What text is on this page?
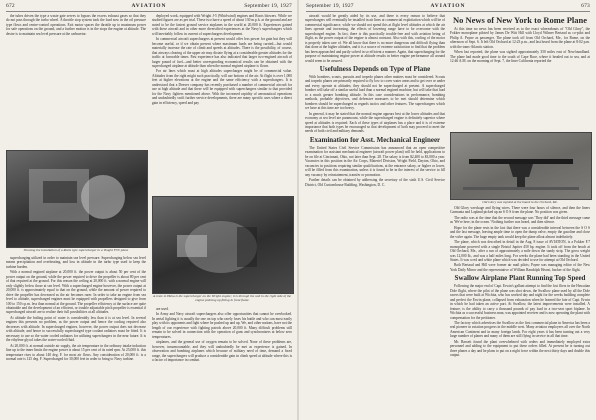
672	AVIATION	September 19, 1927

the tubes driven the type a waste gate serves to bypass the excess exhaust gases so that they do not pass through the turbo wheel. A throttle stop system took the load now in the oil pressure type flows and centre-control operations. Exit motor spaces the throttle up to maximum power for safe operations on the ground, and a further motion is in the stops the engine at altitude. The desire is to maintain sea level pressure at the carburetor.

Showing the installation of a Roots type supercharger in a Vought F3U plane

supercharging utilized in order to maintain sea level pressure. Supercharging below sea level means precipitation and overheating, and loss in altitude in the turbo type used to keep the turbine burden.

With a normal engined airplane at 20,000 ft. the power output is about 50 per cent of the power output on the ground, while the power required to drive the propeller is about 80 per cent of that required at the ground. For this reason the ceiling at 20,000 ft. with a normal engine will only slightly below those at sea level. With a supercharged engine however, the power output at 20,000 ft. is approximately equal to that on the ground, while the amount of power required to drive the propeller has decreased as the air becomes rarer. In order to take an engine from sea level to altitude, supercharged engines must be equipped with propellers designed to give from 100 to 150 r.p.m. less than normal at the ground. The propeller efficiency at the surface are quite obtainable and the development of an efficient, or trouble adjustable pitch propeller is essential if supercharged aircraft are to realize their full possibilities at all altitudes.

At altitude the boiling point of water is considerably less than it is at sea level. In several engines this presents no problem, as the power output and hence the cooling required also decreases with altitude. In supercharged engines, however, the power output does not decrease with altitude, and hence to successfully supercharged type coolant radiators must be fitted. It is necessary to use so the water cooled radiators for utilizing superchargers in the near future. It is the ethylene glycol takes the water-cooled fluid.

At 20,000 ft. at normal outside air supply, the air temperature in the ordinary intake induction line up to the inner limits the engine power is about 15 per cent of its rated rpm. At 25,000 ft. this temperature rises to about 140 deg. F. for most air flows. Any consideration of 20,000 ft. is a normal rate is 125 deg. F. Supercharged for 30,000 feet in order to bring to Navy turbine.

deployed work, equipped with Wright J-5 (Whirlwind) engines and Roots blowers. While we studied figures are as per trial. These two have a speed of about 130 m.p.h. at the ground and are noted to be the fastest ground service airplanes in the world at 20,000 ft. Experiences gained with these aircraft and in other more diversified experiences at the Navy's superchargers which will inevitably follow in current of superchargers development.

In commercial aircraft superchargers at present would offer less power for gain but they will become useful, or if we obtain present where maximum loads are being carried—but would materially increase the rate of climb and speeds at altitudes. There is the possibility, of course, that airways clearing of the upper air may dictate flying at a considerable greater altitudes for the traffic at favorable times. Past experience has also indicated that larger two-engined aircraft of larger pound of fuel—and better corresponding economical results can be obtained with the supercharged airplane at altitude than when the normal engined airplane is flown.

For air lines which must at high altitudes supercharger might be of commercial value. Altitudes from the right might such practically, will use bottom of the air. At flight is over 1,000 feet at higher elevations at the engine and the same efficiency with a superchargers. It is understood that a Denver company has recently purchased a number of commercial aircraft for use at high altitude and that these will be equipped with superchargers similar to that provided for the Navy fighters mentioned above. With the increased rapidity of aeronautical operations and undoubtedly swift further service developments, there are many specific uses where a direct gain in efficiency, speed and pay

A crate in Haha is the supercharger on the Wright engine; it is through the unit in the right side of the engine pointing up fitting in front flame

are used.

In Army and Navy aircraft superchargers also offer opportunities that cannot be overlooked. In aerial fighting it is usually the one on top who rarely loses his battle and who can most easily play with its opponents and fight where he pushed up and up. We, and other nations, have not the length of our experience with fighting patrols above 20,000 ft. Many difficult problems still remain to be solved in connection with the operation of guns and synchronizers at below zero temperatures.

airplanes, and the general use of oxygen remain to be solved. None of these problems are, however, insurmountable, and they will undoubtedly be met as experience is gained. In observation and bombing airplanes which because of military need of time, demand a fixed range, the superchargers will produce a considerable gain in climb speed at altitude where this is a factor of importance in combat.

September 19, 1927	AVIATION	673

aircraft would be greatly aided by its use, and there is every reason to believe that superchargers will eventually be installed in air lines at commercial exploitation which will be of commercial significance, while we should not spend this at flight level altitudes at which the air lines operate and increasing, the effects of lowering range have to be overcome with the supercharged engine. In fact, there is this practically trouble-free and with aviation being of flight, as the power output of the engine is almost constant. Also with this, cooling of the motor is properly taken care of. We all know that there is no more dangerous and difficult flying than that done at the higher altitudes, and it is a source of extreme satisfaction to find that the problem has been approached and partly solved in so efficient a manner. Again, that supercharging for the purpose of maintaining engine power at altitude results in better engine performance all around would seem to be assured.

Usefulness Depends on Type of Plane

With bombers, scouts, pursuits and torpedo planes other matters must be considered. Scouts and torpedo planes are primarily required to fly low to cover water areas and to get over or under and every operate at altitudes; they should not be supercharged at present. A supercharged bomber will take off a similar useful load than a normal engined machine, but will take that load to a much greater bombing altitude. In this case considerations in performance, bombing methods, probable objectives, and defensive measures to be met should determine which bombers should be supercharged as regards tactics and other features. The superchargers which we have at this time are too heavy.

In general, it may be stated that the normal engine appears best at the lower altitudes and that economy at sea level are paramount, while the supercharged engine is definitely superior where speed at altitudes is required. Each of these types of airplanes has a place and it is of extreme importance that both types be encouraged so that development of both may proceed to meet the needs of both civil and military demands.

Examination for Asst. Mechanical Engineer

The United States Civil Service Commission has announced that an open competitive examination for assistant mechanical engineer (aircraft power plant) will be held, applications to be on file at Cincinnati, Ohio, not later than Sept. 28. The salary is from $2,400 to $3,000 a year. Vacancies in this position in the Air Corps, Materiel Division, Wright Field, Dayton, Ohio, and vacancies in positions requiring similar qualifications, at the entrance salary, or higher or lower, will be filled from this examination, unless it is found to be in the interest of the service to fill any vacancy by reinstatement, transfer or promotion.

Further details can be obtained by addressing the secretary of the sixth U.S. Civil Service District, Old Customhouse Building, Washington, D. C.

No News of New York to Rome Plane

At this time no news has been received as to the exact whereabouts of "Old Glory", the Fokker monoplane piloted by James De Witt Hill with Lloyd Wilmer Bertaud as co-pilot and Philip A. Payne as passenger. The plane took off from Old Orchard, Me., for Rome, on the afternoon of Sept. 6. It left Old Orchard at 12:23 p.m., and last heard from the plane at 8:02 p.m. with the trans-Atlantic station.

When last reported, the plane was sighted approximately 350 miles east of Newfoundland. The plane had made good time to the south of Cape Race, where it headed out to sea, and at 12:46 A.M. on the morning of Sept. 7, the liner California reported the

Old Glory was sighted at the board to the Orchard, Me.

Old Glory wreckage and flying wires. There were four hours of silence, and then the liners Carmania and Lapland picked up an S O S from the plane. No position was given.

The radio was at the time that the second message was 'They did' and the third message came as 'We're here, in the ocean.' Nothing further was heard, and then silence.

Hope for the plane rests in the fact that there was a considerable interval between the S O S and the last message, leaving ample time to open the dump valve, empty the gasoline and close the valve again. The huge empty tank would keep the plane afloat almost indefinitely.

The plane, which was described in detail in the Aug. 8 issue of AVIATION, is a Fokker F.7 monoplane powered with a single Bristol Jupiter 450 hp. engine. It took off from the beach at Old Orchard, Me., after a run of approximately a mile down the sandy strip. The gross weight was 12,000 lb., and was a half miles long. For weeks the plane had been standing in the United States. It was a red and white plane which was decided to use for attempt at Old Orchard.

Both Bertaud and Hill were former air mail pilots; Payne was managing editor of the New York Daily Mirror and the representative of William Randolph Hearst, backer of the flight.

Swallow Airplane Plant Running Top Speed

Following the major end of Capt. Erwin's gallant attempt to find the lost fliers in the Hawaiian Dole flight, where the pilot of the plane was shot down, the Swallow plane used by all the Dole racers that were built at Wichita, who has worked day and night for the weeks building complete and perfect the Erwin plane, collapsed from exhaustion when he learned the fate of Capt. Erwin in which he had taken an active part. At Swallow, the latest improvements were installed. A feature, is the ability to carry a thousand pounds of pay load in a two-seat sport biplane. In Wichita as a successful business man, was appointed receiver and is now operating the plant with compensation for the petitioner.

The factory which advertises the Swallow as the first commercial plane in America has been a real pioneer in aviation progress in the middle west. Many aviation employees all over the North American Continent and in many foreign lands. For eight years it has been turning out a very large number of planes and many of them are still flying in service in all that time.

Mr. Bassett found the plant overwhelmed with orders and immediately employed extra personnel and adding to the equipment to put these orders filled. At present he is turning out three planes a day and he plans to put on a night force within the next thirty days and double this output.
